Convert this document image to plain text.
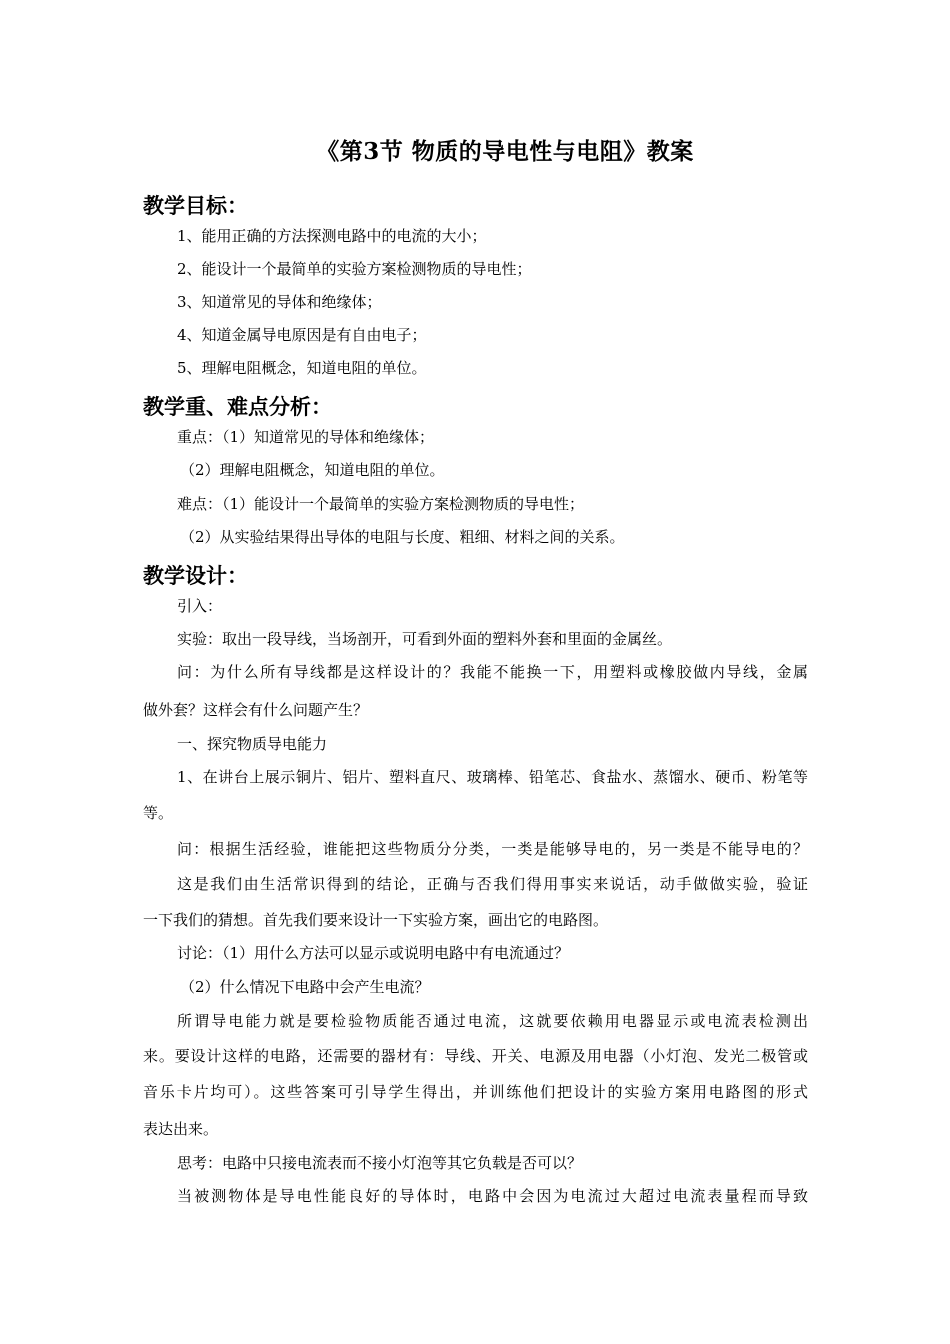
《第3节 物质的导电性与电阻》教案
教学目标：
1、能用正确的方法探测电路中的电流的大小；
2、能设计一个最简单的实验方案检测物质的导电性；
3、知道常见的导体和绝缘体；
4、知道金属导电原因是有自由电子；
5、理解电阻概念，知道电阻的单位。
教学重、难点分析：
重点：（1）知道常见的导体和绝缘体；
（2）理解电阻概念，知道电阻的单位。
难点：（1）能设计一个最简单的实验方案检测物质的导电性；
（2）从实验结果得出导体的电阻与长度、粗细、材料之间的关系。
教学设计：
引入：
实验：取出一段导线，当场剖开，可看到外面的塑料外套和里面的金属丝。
问：为什么所有导线都是这样设计的？我能不能换一下，用塑料或橡胶做内导线，金属
做外套？这样会有什么问题产生？
一、探究物质导电能力
1、在讲台上展示铜片、铝片、塑料直尺、玻璃棒、铅笔芯、食盐水、蒸馏水、硬币、粉笔等
等。
问：根据生活经验，谁能把这些物质分分类，一类是能够导电的，另一类是不能导电的？
这是我们由生活常识得到的结论，正确与否我们得用事实来说话，动手做做实验，验证
一下我们的猜想。首先我们要来设计一下实验方案，画出它的电路图。
讨论：（1）用什么方法可以显示或说明电路中有电流通过？
（2）什么情况下电路中会产生电流？
所谓导电能力就是要检验物质能否通过电流，这就要依赖用电器显示或电流表检测出
来。要设计这样的电路，还需要的器材有：导线、开关、电源及用电器（小灯泡、发光二极管或
音乐卡片均可）。这些答案可引导学生得出，并训练他们把设计的实验方案用电路图的形式
表达出来。
思考：电路中只接电流表而不接小灯泡等其它负载是否可以？
当被测物体是导电性能良好的导体时，电路中会因为电流过大超过电流表量程而导致
